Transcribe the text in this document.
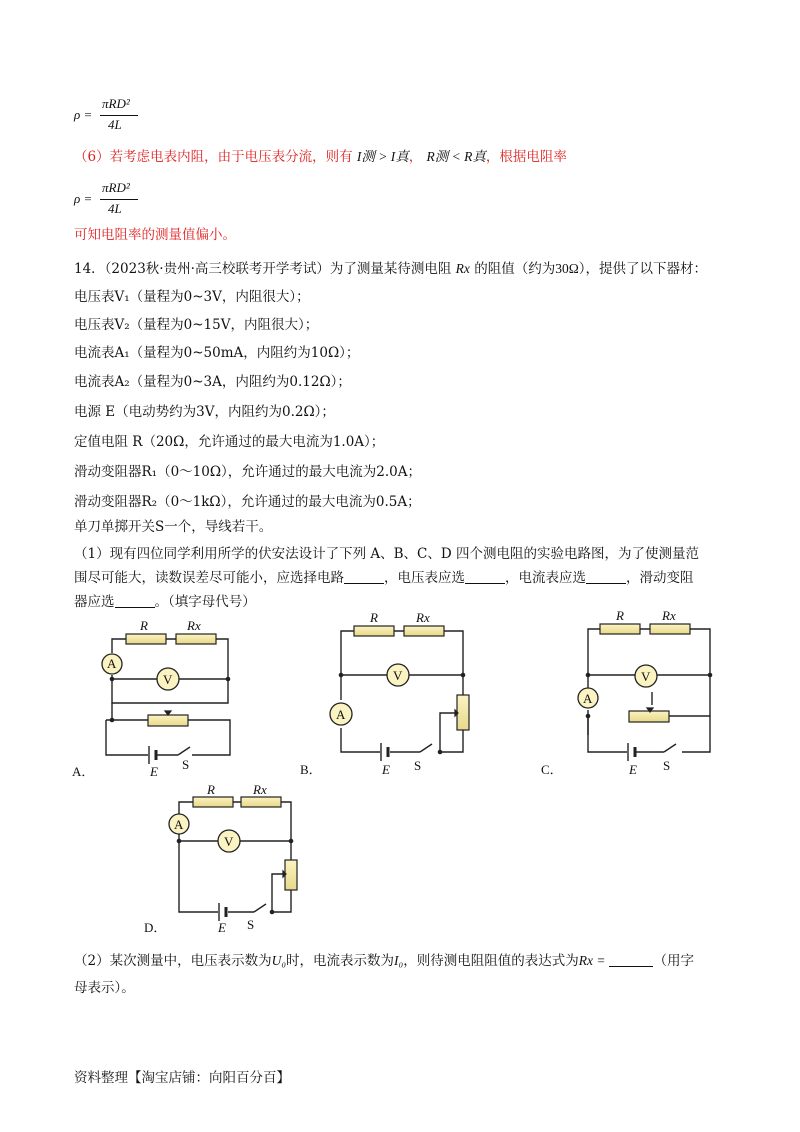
ρ =
πRD²
4L
（6）若考虑电表内阻，由于电压表分流，则有 I测 > I真， R测 < R真，根据电阻率
ρ =
πRD²
4L
可知电阻率的测量值偏小。
14．（2023秋·贵州·高三校联考开学考试）为了测量某待测电阻 Rx 的阻值（约为30Ω），提供了以下器材：
电压表V₁（量程为0~3V，内阻很大）；
电压表V₂（量程为0~15V，内阻很大）；
电流表A₁（量程为0~50mA，内阻约为10Ω）；
电流表A₂（量程为0~3A，内阻约为0.12Ω）；
电源 E（电动势约为3V，内阻约为0.2Ω）；
定值电阻 R（20Ω，允许通过的最大电流为1.0A）；
滑动变阻器R₁（0～10Ω），允许通过的最大电流为2.0A；
滑动变阻器R₂（0～1kΩ），允许通过的最大电流为0.5A；
单刀单掷开关S一个，导线若干。
（1）现有四位同学利用所学的伏安法设计了下列 A、B、C、D 四个测电阻的实验电路图，为了使测量范
围尽可能大，读数误差尽可能小，应选择电路	，电压表应选	，电流表应选	，滑动变阻
器应选	。（填字母代号）
A
V
R	Rx
E S
A．
V
A
R	Rx
E S
B．
V
A
R	Rx
E S
C．
A
V
R	Rx
E S
D．
（2）某次测量中，电压表示数为U₀时，电流表示数为I₀，则待测电阻阻值的表达式为Rx =	（用字
母表示）。
资料整理【淘宝店铺：向阳百分百】
